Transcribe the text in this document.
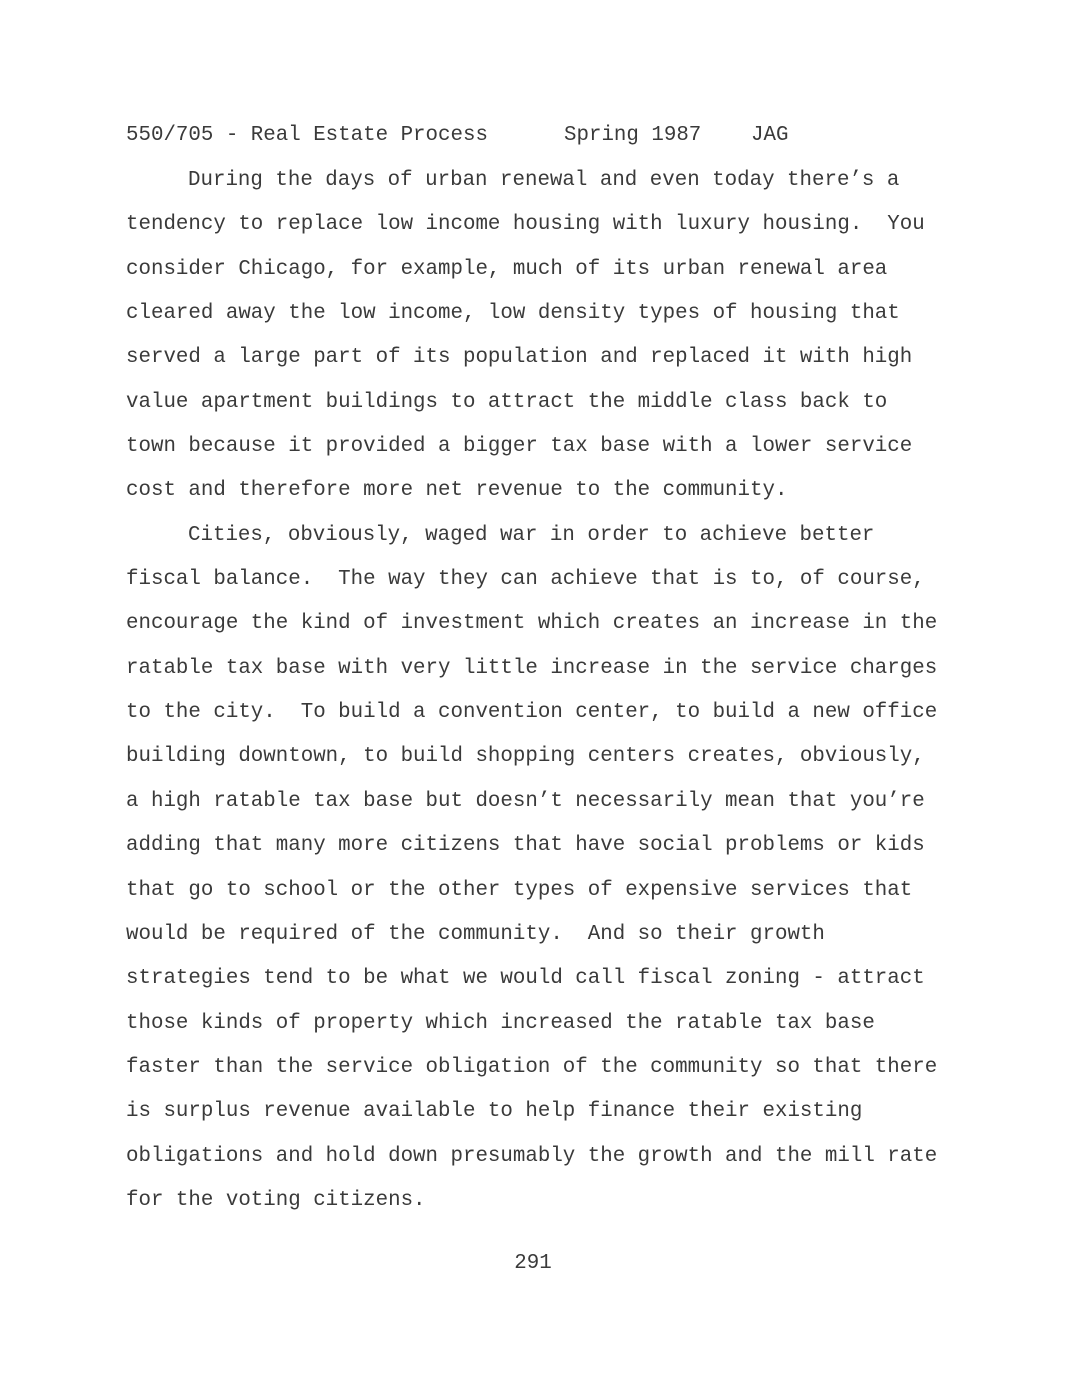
550/705 - Real Estate Process	Spring 1987 JAG
During the days of urban renewal and even today there’s a
tendency to replace low income housing with luxury housing.  You
consider Chicago, for example, much of its urban renewal area
cleared away the low income, low density types of housing that
served a large part of its population and replaced it with high
value apartment buildings to attract the middle class back to
town because it provided a bigger tax base with a lower service
cost and therefore more net revenue to the community.
Cities, obviously, waged war in order to achieve better
fiscal balance.  The way they can achieve that is to, of course,
encourage the kind of investment which creates an increase in the
ratable tax base with very little increase in the service charges
to the city.  To build a convention center, to build a new office
building downtown, to build shopping centers creates, obviously,
a high ratable tax base but doesn’t necessarily mean that you’re
adding that many more citizens that have social problems or kids
that go to school or the other types of expensive services that
would be required of the community.  And so their growth
strategies tend to be what we would call fiscal zoning - attract
those kinds of property which increased the ratable tax base
faster than the service obligation of the community so that there
is surplus revenue available to help finance their existing
obligations and hold down presumably the growth and the mill rate
for the voting citizens.
291
